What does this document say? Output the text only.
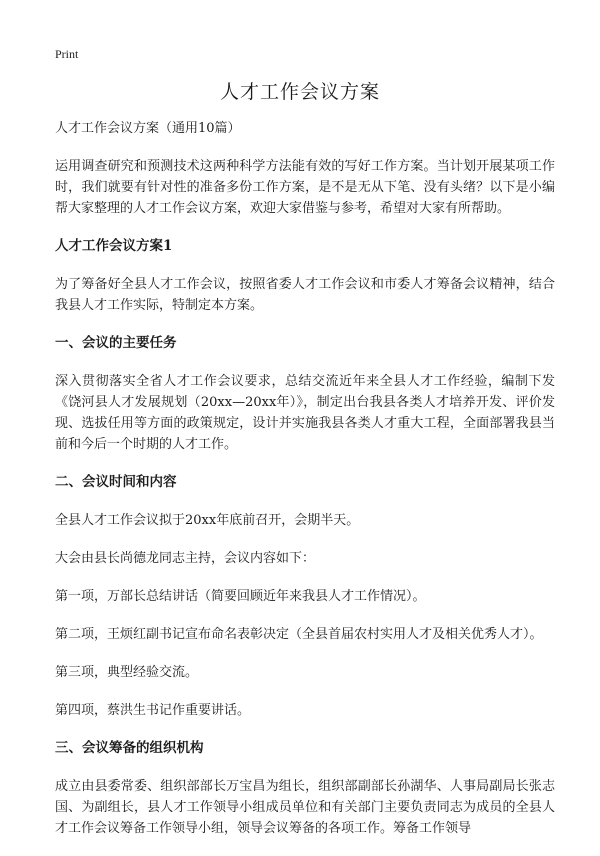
Print
人才工作会议方案

人才工作会议方案（通用10篇）

运用调查研究和预测技术这两种科学方法能有效的写好工作方案。当计划开展某项工作时，我们就要有针对性的准备多份工作方案，是不是无从下笔、没有头绪？以下是小编帮大家整理的人才工作会议方案，欢迎大家借鉴与参考，希望对大家有所帮助。

人才工作会议方案1

为了筹备好全县人才工作会议，按照省委人才工作会议和市委人才筹备会议精神，结合我县人才工作实际，特制定本方案。

一、会议的主要任务

深入贯彻落实全省人才工作会议要求，总结交流近年来全县人才工作经验，编制下发《饶河县人才发展规划（20xx—20xx年）》，制定出台我县各类人才培养开发、评价发现、选拔任用等方面的政策规定，设计并实施我县各类人才重大工程，全面部署我县当前和今后一个时期的人才工作。

二、会议时间和内容

全县人才工作会议拟于20xx年底前召开，会期半天。

大会由县长尚德龙同志主持，会议内容如下：

第一项，万部长总结讲话（简要回顾近年来我县人才工作情况）。

第二项，王烦红副书记宣布命名表彰决定（全县首届农村实用人才及相关优秀人才）。

第三项，典型经验交流。

第四项，蔡洪生书记作重要讲话。

三、会议筹备的组织机构

成立由县委常委、组织部部长万宝昌为组长，组织部副部长孙湖华、人事局副局长张志国、为副组长，县人才工作领导小组成员单位和有关部门主要负责同志为成员的全县人才工作会议筹备工作领导小组，领导会议筹备的各项工作。筹备工作领导
